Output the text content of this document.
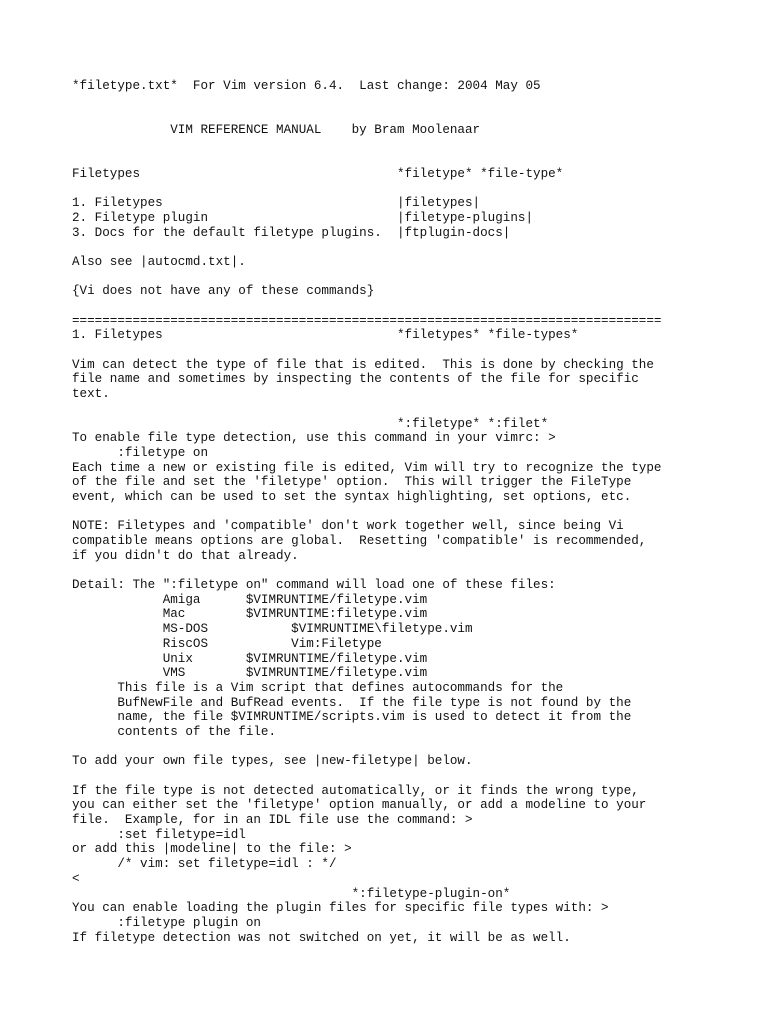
*filetype.txt*  For Vim version 6.4.  Last change: 2004 May 05
VIM REFERENCE MANUAL    by Bram Moolenaar
Filetypes                                  *filetype* *file-type*
1. Filetypes                               |filetypes|
2. Filetype plugin                         |filetype-plugins|
3. Docs for the default filetype plugins.  |ftplugin-docs|
Also see |autocmd.txt|.
{Vi does not have any of these commands}
==============================================================================
1. Filetypes                               *filetypes* *file-types*
Vim can detect the type of file that is edited.  This is done by checking the
file name and sometimes by inspecting the contents of the file for specific
text.
*:filetype* *:filet*
To enable file type detection, use this command in your vimrc: >
:filetype on
Each time a new or existing file is edited, Vim will try to recognize the type
of the file and set the 'filetype' option.  This will trigger the FileType
event, which can be used to set the syntax highlighting, set options, etc.
NOTE: Filetypes and 'compatible' don't work together well, since being Vi
compatible means options are global.  Resetting 'compatible' is recommended,
if you didn't do that already.
Detail: The ":filetype on" command will load one of these files:
Amiga      $VIMRUNTIME/filetype.vim
Mac        $VIMRUNTIME:filetype.vim
MS-DOS           $VIMRUNTIME\filetype.vim
RiscOS           Vim:Filetype
Unix       $VIMRUNTIME/filetype.vim
VMS        $VIMRUNTIME/filetype.vim
This file is a Vim script that defines autocommands for the
BufNewFile and BufRead events.  If the file type is not found by the
name, the file $VIMRUNTIME/scripts.vim is used to detect it from the
contents of the file.
To add your own file types, see |new-filetype| below.
If the file type is not detected automatically, or it finds the wrong type,
you can either set the 'filetype' option manually, or add a modeline to your
file.  Example, for in an IDL file use the command: >
:set filetype=idl
or add this |modeline| to the file: >
/* vim: set filetype=idl : */
<
*:filetype-plugin-on*
You can enable loading the plugin files for specific file types with: >
:filetype plugin on
If filetype detection was not switched on yet, it will be as well.
